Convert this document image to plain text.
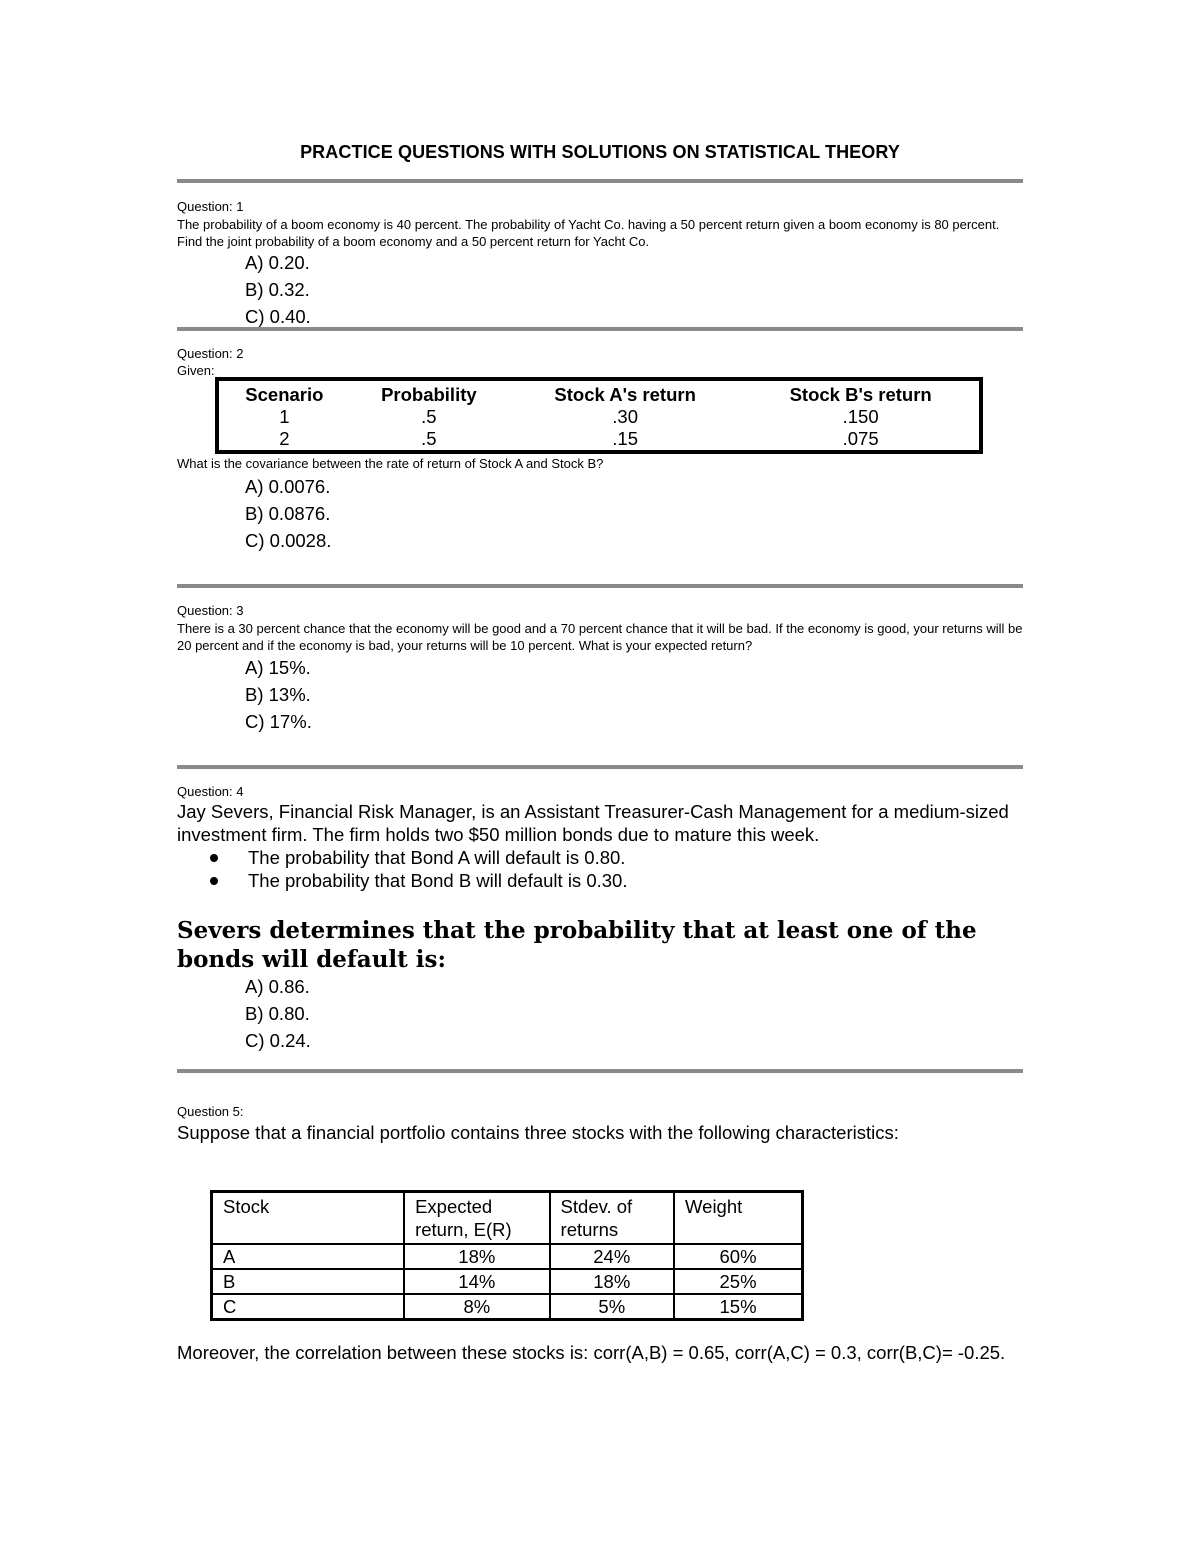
PRACTICE QUESTIONS WITH SOLUTIONS ON STATISTICAL THEORY
Question: 1
The probability of a boom economy is 40 percent. The probability of Yacht Co. having a 50 percent return given a boom economy is 80 percent. Find the joint probability of a boom economy and a 50 percent return for Yacht Co.
A) 0.20.
B) 0.32.
C) 0.40.
Question: 2
Given:
Scenario	Probability	Stock A's return	Stock B's return
1	.5	.30	.150
2	.5	.15	.075
What is the covariance between the rate of return of Stock A and Stock B?
A) 0.0076.
B) 0.0876.
C) 0.0028.
Question: 3
There is a 30 percent chance that the economy will be good and a 70 percent chance that it will be bad. If the economy is good, your returns will be 20 percent and if the economy is bad, your returns will be 10 percent. What is your expected return?
A) 15%.
B) 13%.
C) 17%.
Question: 4
Jay Severs, Financial Risk Manager, is an Assistant Treasurer-Cash Management for a medium-sized investment firm. The firm holds two $50 million bonds due to mature this week.
The probability that Bond A will default is 0.80.
The probability that Bond B will default is 0.30.
Severs determines that the probability that at least one of the bonds will default is:
A) 0.86.
B) 0.80.
C) 0.24.
Question 5:
Suppose that a financial portfolio contains three stocks with the following characteristics:
Stock	Expected return, E(R)	Stdev. of returns	Weight
A	18%	24%	60%
B	14%	18%	25%
C	8%	5%	15%
Moreover, the correlation between these stocks is: corr(A,B) = 0.65, corr(A,C) = 0.3, corr(B,C)= -0.25.
